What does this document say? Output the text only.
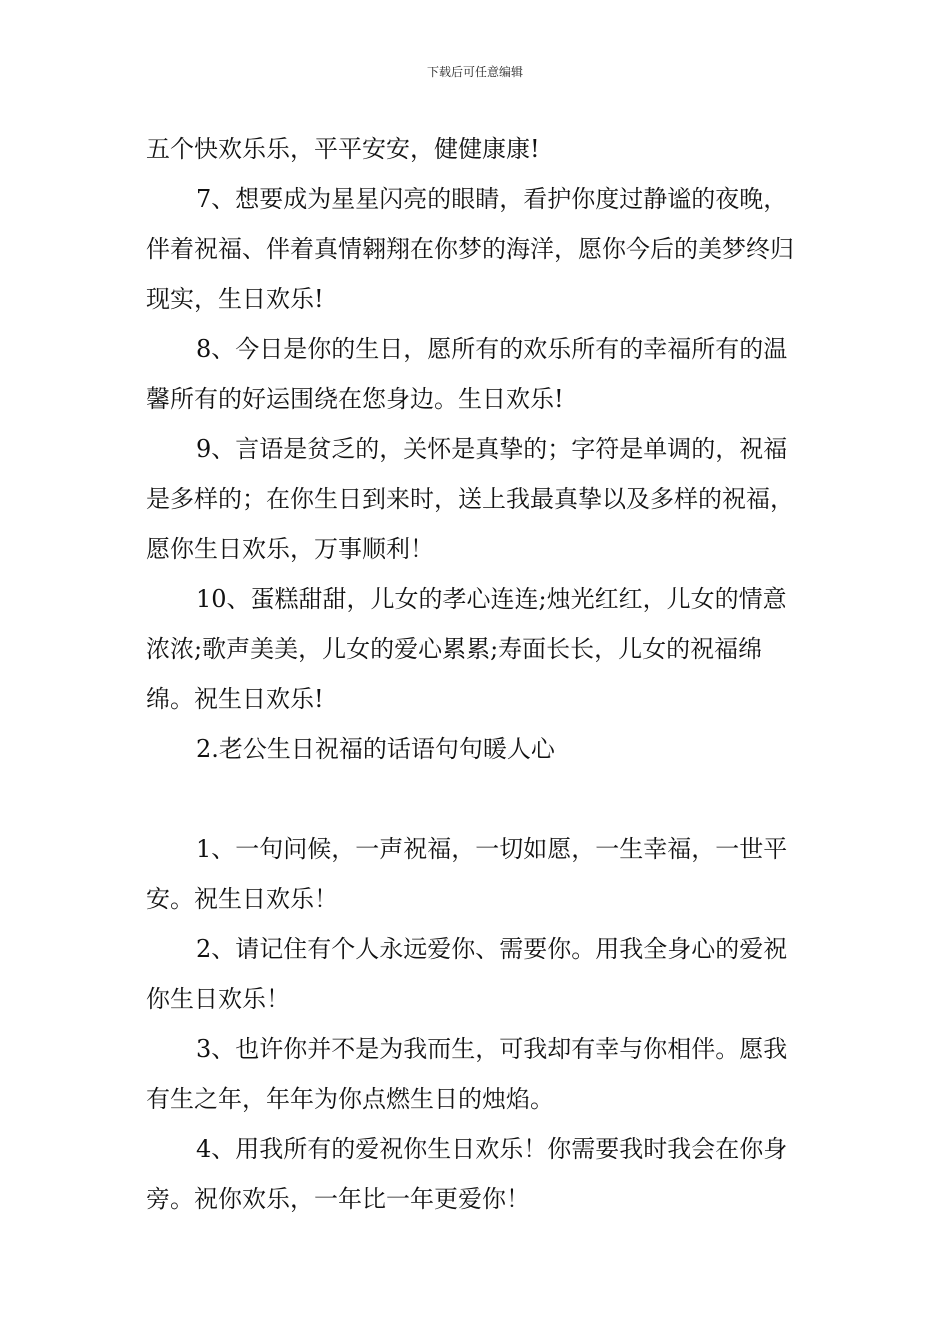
下载后可任意编辑

五个快欢乐乐，平平安安，健健康康!

7、想要成为星星闪亮的眼睛，看护你度过静谧的夜晚，伴着祝福、伴着真情翱翔在你梦的海洋，愿你今后的美梦终归现实，生日欢乐!

8、今日是你的生日，愿所有的欢乐所有的幸福所有的温馨所有的好运围绕在您身边。生日欢乐!

9、言语是贫乏的，关怀是真挚的；字符是单调的，祝福是多样的；在你生日到来时，送上我最真挚以及多样的祝福，愿你生日欢乐，万事顺利！

10、蛋糕甜甜，儿女的孝心连连;烛光红红，儿女的情意浓浓;歌声美美，儿女的爱心累累;寿面长长，儿女的祝福绵绵。祝生日欢乐!

2.老公生日祝福的话语句句暖人心

1、一句问候，一声祝福，一切如愿，一生幸福，一世平安。祝生日欢乐！

2、请记住有个人永远爱你、需要你。用我全身心的爱祝你生日欢乐！

3、也许你并不是为我而生，可我却有幸与你相伴。愿我有生之年，年年为你点燃生日的烛焰。

4、用我所有的爱祝你生日欢乐！你需要我时我会在你身旁。祝你欢乐，一年比一年更爱你！
